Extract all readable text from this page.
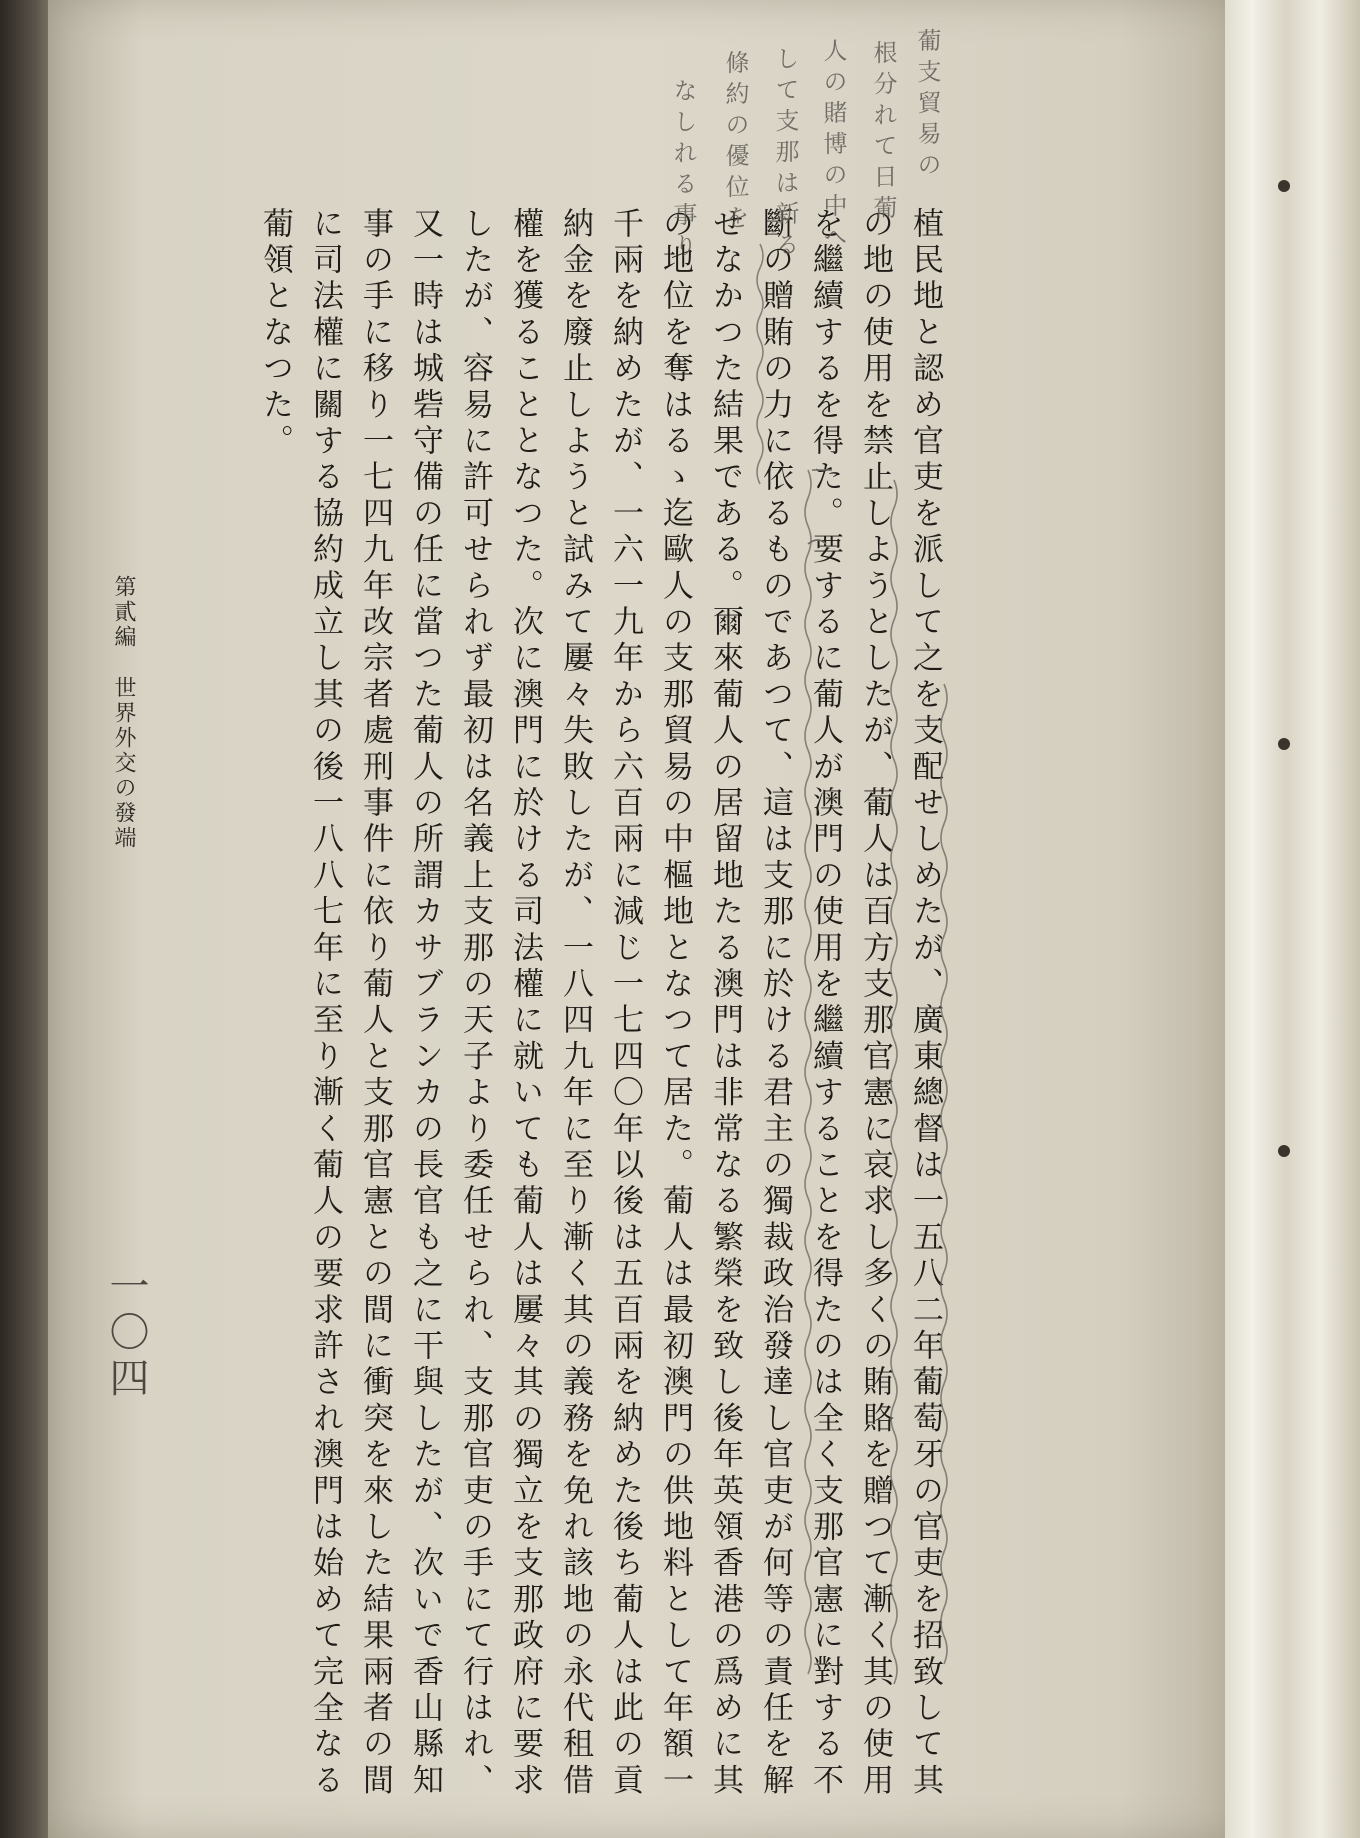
植民地と認め官吏を派して之を支配せしめたが、廣東總督は一五八二年葡萄牙の官吏を招致して其
の地の使用を禁止しようとしたが、葡人は百方支那官憲に哀求し多くの賄賂を贈つて漸く其の使用
を繼續するを得た。要するに葡人が澳門の使用を繼續することを得たのは全く支那官憲に對する不
斷の贈賄の力に依るものであつて、這は支那に於ける君主の獨裁政治發達し官吏が何等の責任を解
せなかつた結果である。爾來葡人の居留地たる澳門は非常なる繁榮を致し後年英領香港の爲めに其
の地位を奪はるゝ迄歐人の支那貿易の中樞地となつて居た。葡人は最初澳門の供地料として年額一
千兩を納めたが、一六一九年から六百兩に減じ一七四〇年以後は五百兩を納めた後ち葡人は此の貢
納金を廢止しようと試みて屢々失敗したが、一八四九年に至り漸く其の義務を免れ該地の永代租借
權を獲ることとなつた。次に澳門に於ける司法權に就いても葡人は屢々其の獨立を支那政府に要求
したが、容易に許可せられず最初は名義上支那の天子より委任せられ、支那官吏の手にて行はれ、
又一時は城砦守備の任に當つた葡人の所謂カサブランカの長官も之に干與したが、次いで香山縣知
事の手に移り一七四九年改宗者處刑事件に依り葡人と支那官憲との間に衝突を來した結果兩者の間
に司法權に關する協約成立し其の後一八八七年に至り漸く葡人の要求許され澳門は始めて完全なる
葡領となつた。
葡支貿易の
根分れて日葡
人の賭博の中へ
して支那は新る
條約の優位を
なしれる事り
第貳編世界外交の發端
一〇四
